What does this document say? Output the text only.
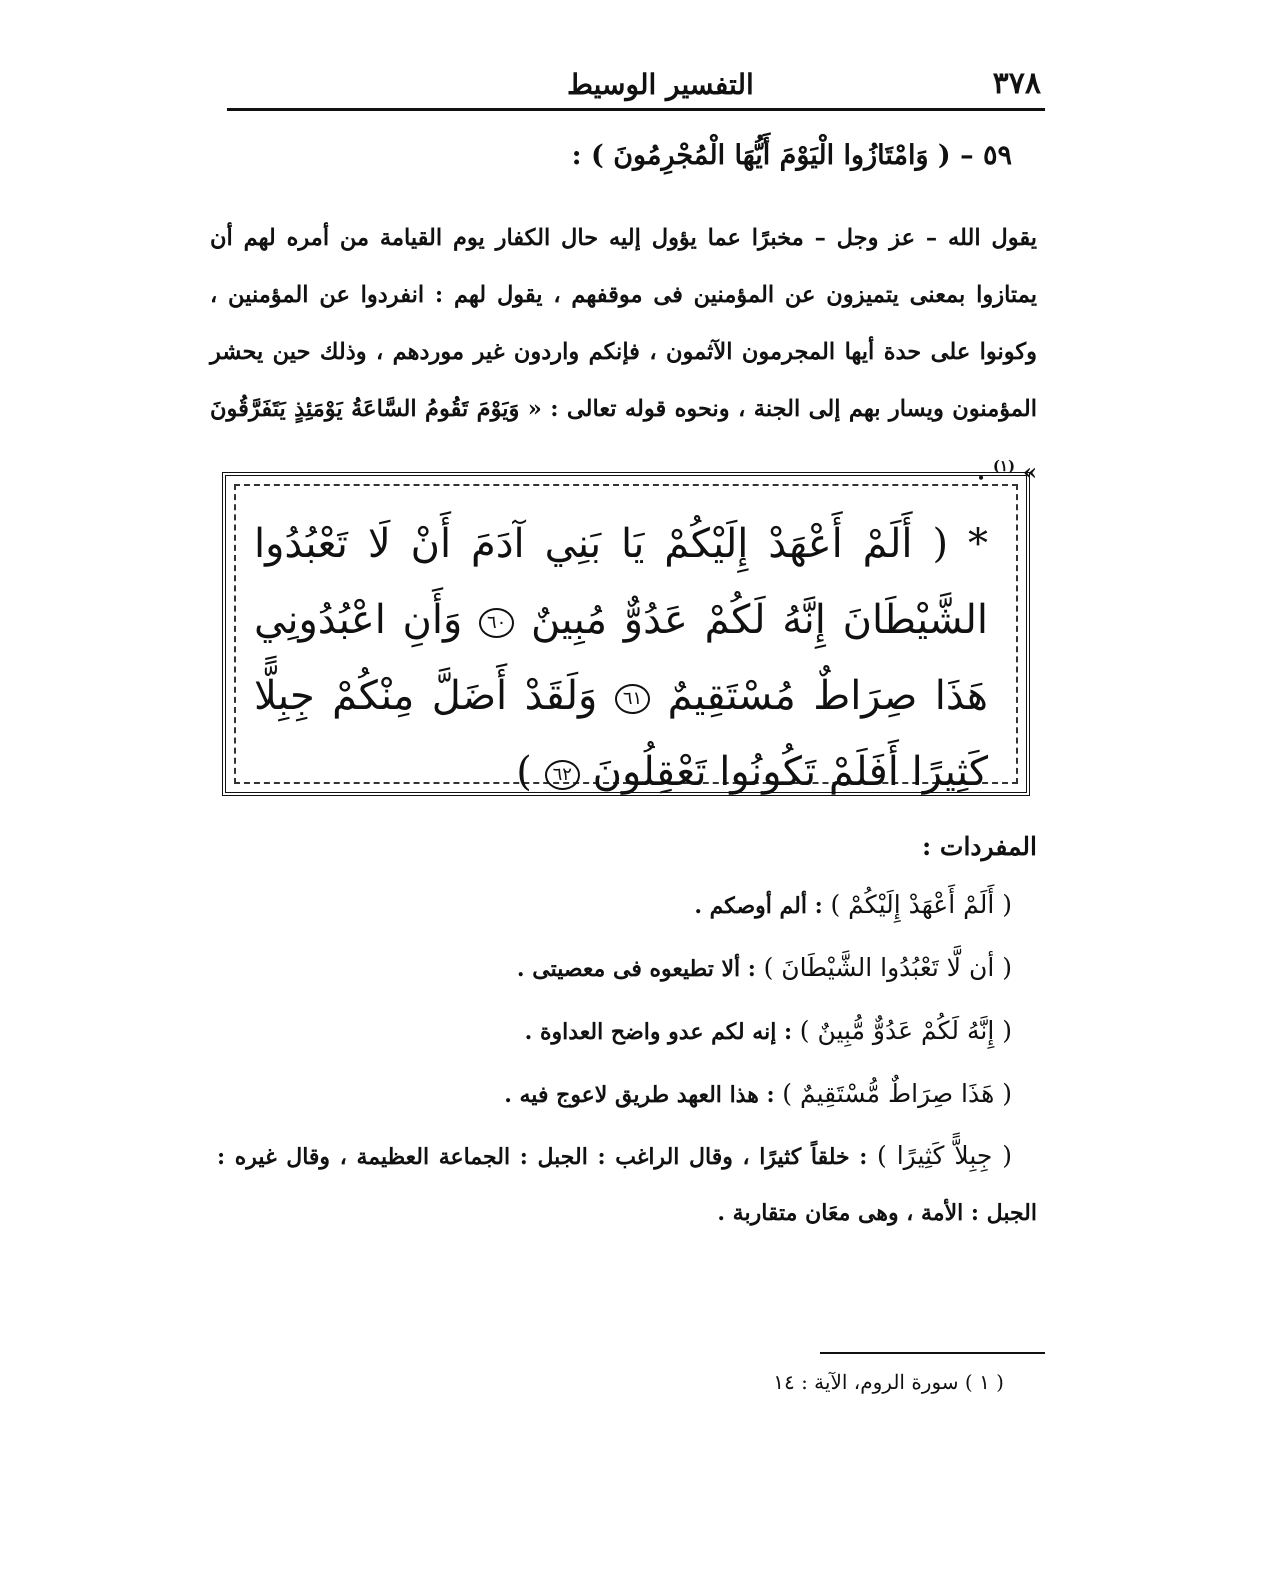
٣٧٨
التفسير الوسيط
٥٩ – ( وَامْتَازُوا الْيَوْمَ أَيُّهَا الْمُجْرِمُونَ ) :

يقول الله – عز وجل – مخبرًا عما يؤول إليه حال الكفار يوم القيامة من أمره لهم أن يمتازوا بمعنى يتميزون عن المؤمنين فى موقفهم ، يقول لهم : انفردوا عن المؤمنين ، وكونوا على حدة أيها المجرمون الآثمون ، فإنكم واردون غير موردهم ، وذلك حين يحشر المؤمنون ويسار بهم إلى الجنة ، ونحوه قوله تعالى : « وَيَوْمَ تَقُومُ السَّاعَةُ يَوْمَئِذٍ يَتَفَرَّقُونَ » $^{(١)}$ .

* ( أَلَمْ أَعْهَدْ إِلَيْكُمْ يَا بَنِي آدَمَ أَنْ لَا تَعْبُدُوا الشَّيْطَانَ إِنَّهُ لَكُمْ عَدُوٌّ مُبِينٌ ٦٠ وَأَنِ اعْبُدُونِي هَذَا صِرَاطٌ مُسْتَقِيمٌ ٦١ وَلَقَدْ أَضَلَّ مِنْكُمْ جِبِلًّا كَثِيرًا أَفَلَمْ تَكُونُوا تَعْقِلُونَ ٦٢ )
المفردات :
( أَلَمْ أَعْهَدْ إِلَيْكُمْ ) : ألم أوصكم .
( أن لَّا تَعْبُدُوا الشَّيْطَانَ ) : ألا تطيعوه فى معصيتى .
( إِنَّهُ لَكُمْ عَدُوٌّ مُّبِينٌ ) : إنه لكم عدو واضح العداوة .
( هَذَا صِرَاطٌ مُّسْتَقِيمٌ ) : هذا العهد طريق لاعوج فيه .
( جِبِلاًّ كَثِيرًا ) : خلقاً كثيرًا ، وقال الراغب : الجبل : الجماعة العظيمة ، وقال غيره : الجبل : الأمة ، وهى معَان متقاربة .
( ١ ) سورة الروم، الآية : ١٤
